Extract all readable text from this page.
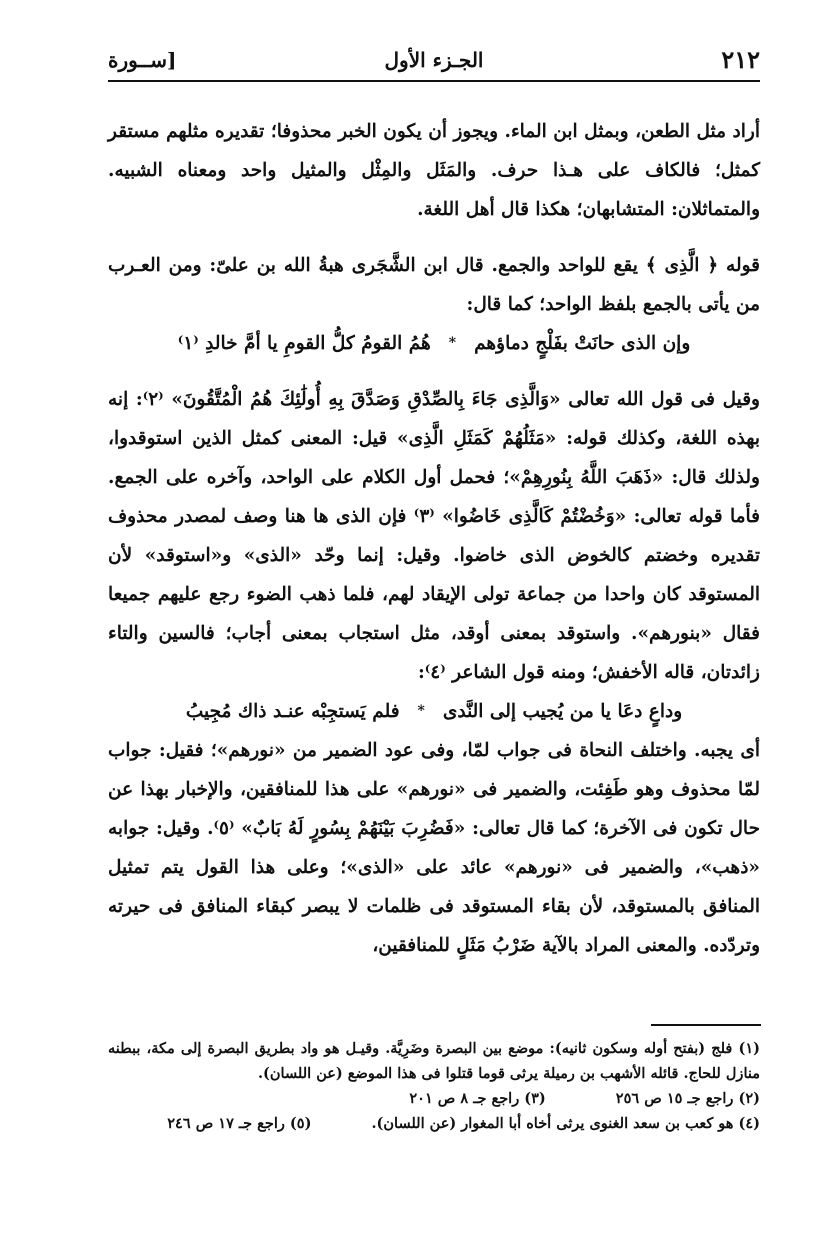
٢١٢
الجـزء الأول
[ســورة

أراد مثل الطعن، وبمثل ابن الماء. ويجوز أن يكون الخبر محذوفا؛ تقديره مثلهم مستقر كمثل؛ فالكاف على هـذا حرف. والمَثَل والمِثْل والمثيل واحد ومعناه الشبيه. والمتماثلان: المتشابهان؛ هكذا قال أهل اللغة.

قوله ﴿ الَّذِى ﴾ يقع للواحد والجمع. قال ابن الشَّجَرى هبةُ الله بن علىّ: ومن العـرب من يأتى بالجمع بلفظ الواحد؛ كما قال:

وإن الذى حانَتْ بفَلْجٍ دماؤهم
*
هُمُ القومُ كلُّ القومِ يا أمَّ خالدِ ⁽١⁾

وقيل فى قول الله تعالى «وَالَّذِى جَاءَ بِالصِّدْقِ وَصَدَّقَ بِهِ أُولَٰئِكَ هُمُ الْمُتَّقُونَ» ⁽٢⁾: إنه بهذه اللغة، وكذلك قوله: «مَثَلُهُمْ كَمَثَلِ الَّذِى» قيل: المعنى كمثل الذين استوقدوا، ولذلك قال: «ذَهَبَ اللَّهُ بِنُورِهِمْ»؛ فحمل أول الكلام على الواحد، وآخره على الجمع. فأما قوله تعالى: «وَخُضْتُمْ كَالَّذِى خَاضُوا» ⁽٣⁾ فإن الذى ها هنا وصف لمصدر محذوف تقديره وخضتم كالخوض الذى خاضوا. وقيل: إنما وحّد «الذى» و«استوقد» لأن المستوقد كان واحدا من جماعة تولى الإيقاد لهم، فلما ذهب الضوء رجع عليهم جميعا فقال «بنورهم». واستوقد بمعنى أوقد، مثل استجاب بمعنى أجاب؛ فالسين والتاء زائدتان، قاله الأخفش؛ ومنه قول الشاعر ⁽٤⁾:

وداعٍ دعَا يا من يُجيب إلى النَّدى
*
فلم يَستجِبْه عنـد ذاك مُجِيبُ

أى يجبه. واختلف النحاة فى جواب لمّا، وفى عود الضمير من «نورهم»؛ فقيل: جواب لمّا محذوف وهو طَفِئت، والضمير فى «نورهم» على هذا للمنافقين، والإخبار بهذا عن حال تكون فى الآخرة؛ كما قال تعالى: «فَضُرِبَ بَيْنَهُمْ بِسُورٍ لَهُ بَابٌ» ⁽٥⁾. وقيل: جوابه «ذهب»، والضمير فى «نورهم» عائد على «الذى»؛ وعلى هذا القول يتم تمثيل المنافق بالمستوقد، لأن بقاء المستوقد فى ظلمات لا يبصر كبقاء المنافق فى حيرته وتردّده. والمعنى المراد بالآية ضَرْبُ مَثَلٍ للمنافقين،

(١) فلج (بفتح أوله وسكون ثانيه): موضع بين البصرة وضَرِيَّة. وقيـل هو واد بطريق البصرة إلى مكة، ببطنه منازل للحاج. قائله الأشهب بن رميلة يرثى قوما قتلوا فى هذا الموضع (عن اللسان).

(٢) راجع جـ ١٥ ص ٢٥٦
(٣) راجع جـ ٨ ص ٢٠١
(٤) هو كعب بن سعد الغنوى يرثى أخاه أبا المغوار (عن اللسان).
(٥) راجع جـ ١٧ ص ٢٤٦
